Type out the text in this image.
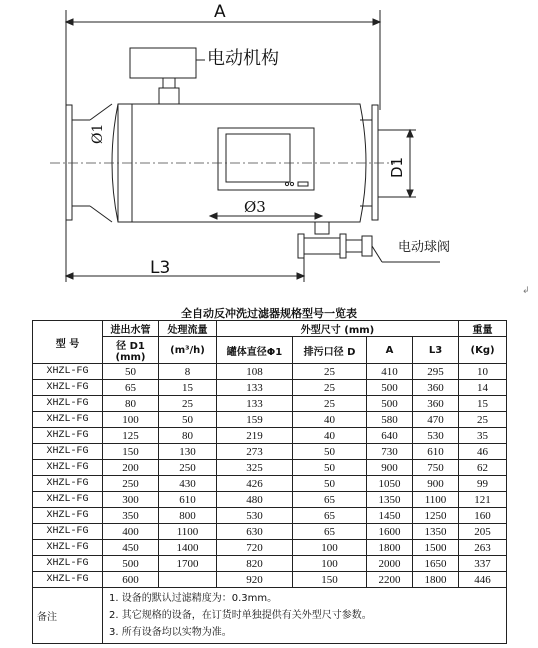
A
电动机构
Ø1
D1
Ø3
电动球阀
L3
↲
全自动反冲洗过滤器规格型号一览表
型 号	进出水管	处理流量	外型尺寸 (mm)				重量
	径 D1 (mm)	(m³/h)	罐体直径Φ1	排污口径 D	A	L3	(Kg)
XHZL-FG	50	8	108	25	410	295	10
XHZL-FG	65	15	133	25	500	360	14
XHZL-FG	80	25	133	25	500	360	15
XHZL-FG	100	50	159	40	580	470	25
XHZL-FG	125	80	219	40	640	530	35
XHZL-FG	150	130	273	50	730	610	46
XHZL-FG	200	250	325	50	900	750	62
XHZL-FG	250	430	426	50	1050	900	99
XHZL-FG	300	610	480	65	1350	1100	121
XHZL-FG	350	800	530	65	1450	1250	160
XHZL-FG	400	1100	630	65	1600	1350	205
XHZL-FG	450	1400	720	100	1800	1500	263
XHZL-FG	500	1700	820	100	2000	1650	337
XHZL-FG	600		920	150	2200	1800	446
备注	1. 设备的默认过滤精度为：0.3mm。
2. 其它规格的设备，在订货时单独提供有关外型尺寸参数。
3. 所有设备均以实物为准。						
